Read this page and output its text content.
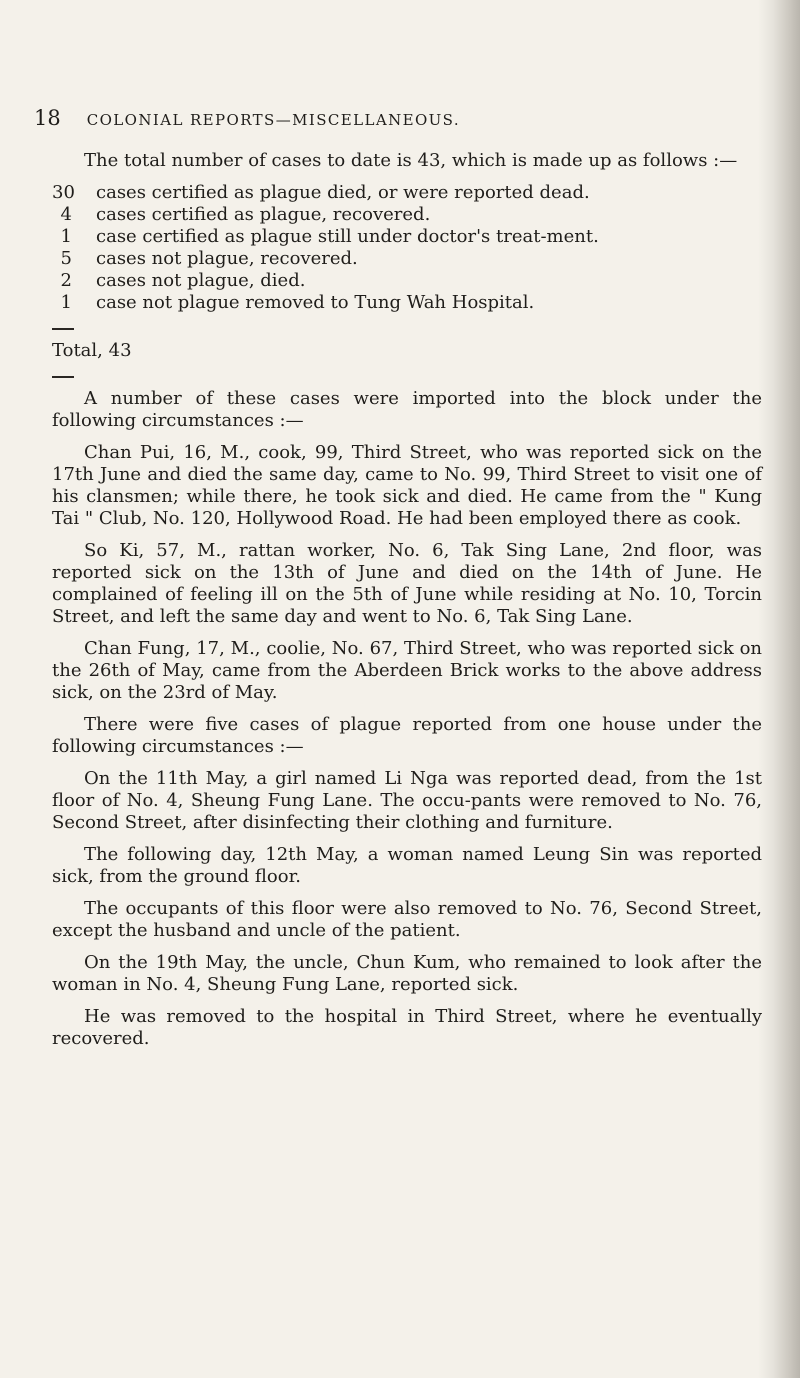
18 COLONIAL REPORTS—MISCELLANEOUS.

The total number of cases to date is 43, which is made up as follows :—

30 cases certified as plague died, or were reported dead.
4 cases certified as plague, recovered.
1 case certified as plague still under doctor's treat-ment.
5 cases not plague, recovered.
2 cases not plague, died.
1 case not plague removed to Tung Wah Hospital.

Total, 43

A number of these cases were imported into the block under the following circumstances :—

Chan Pui, 16, M., cook, 99, Third Street, who was reported sick on the 17th June and died the same day, came to No. 99, Third Street to visit one of his clansmen; while there, he took sick and died. He came from the " Kung Tai " Club, No. 120, Hollywood Road. He had been employed there as cook.

So Ki, 57, M., rattan worker, No. 6, Tak Sing Lane, 2nd floor, was reported sick on the 13th of June and died on the 14th of June. He complained of feeling ill on the 5th of June while residing at No. 10, Torcin Street, and left the same day and went to No. 6, Tak Sing Lane.

Chan Fung, 17, M., coolie, No. 67, Third Street, who was reported sick on the 26th of May, came from the Aberdeen Brick works to the above address sick, on the 23rd of May.

There were five cases of plague reported from one house under the following circumstances :—

On the 11th May, a girl named Li Nga was reported dead, from the 1st floor of No. 4, Sheung Fung Lane. The occu-pants were removed to No. 76, Second Street, after disinfecting their clothing and furniture.

The following day, 12th May, a woman named Leung Sin was reported sick, from the ground floor.

The occupants of this floor were also removed to No. 76, Second Street, except the husband and uncle of the patient.

On the 19th May, the uncle, Chun Kum, who remained to look after the woman in No. 4, Sheung Fung Lane, reported sick.

He was removed to the hospital in Third Street, where he eventually recovered.
